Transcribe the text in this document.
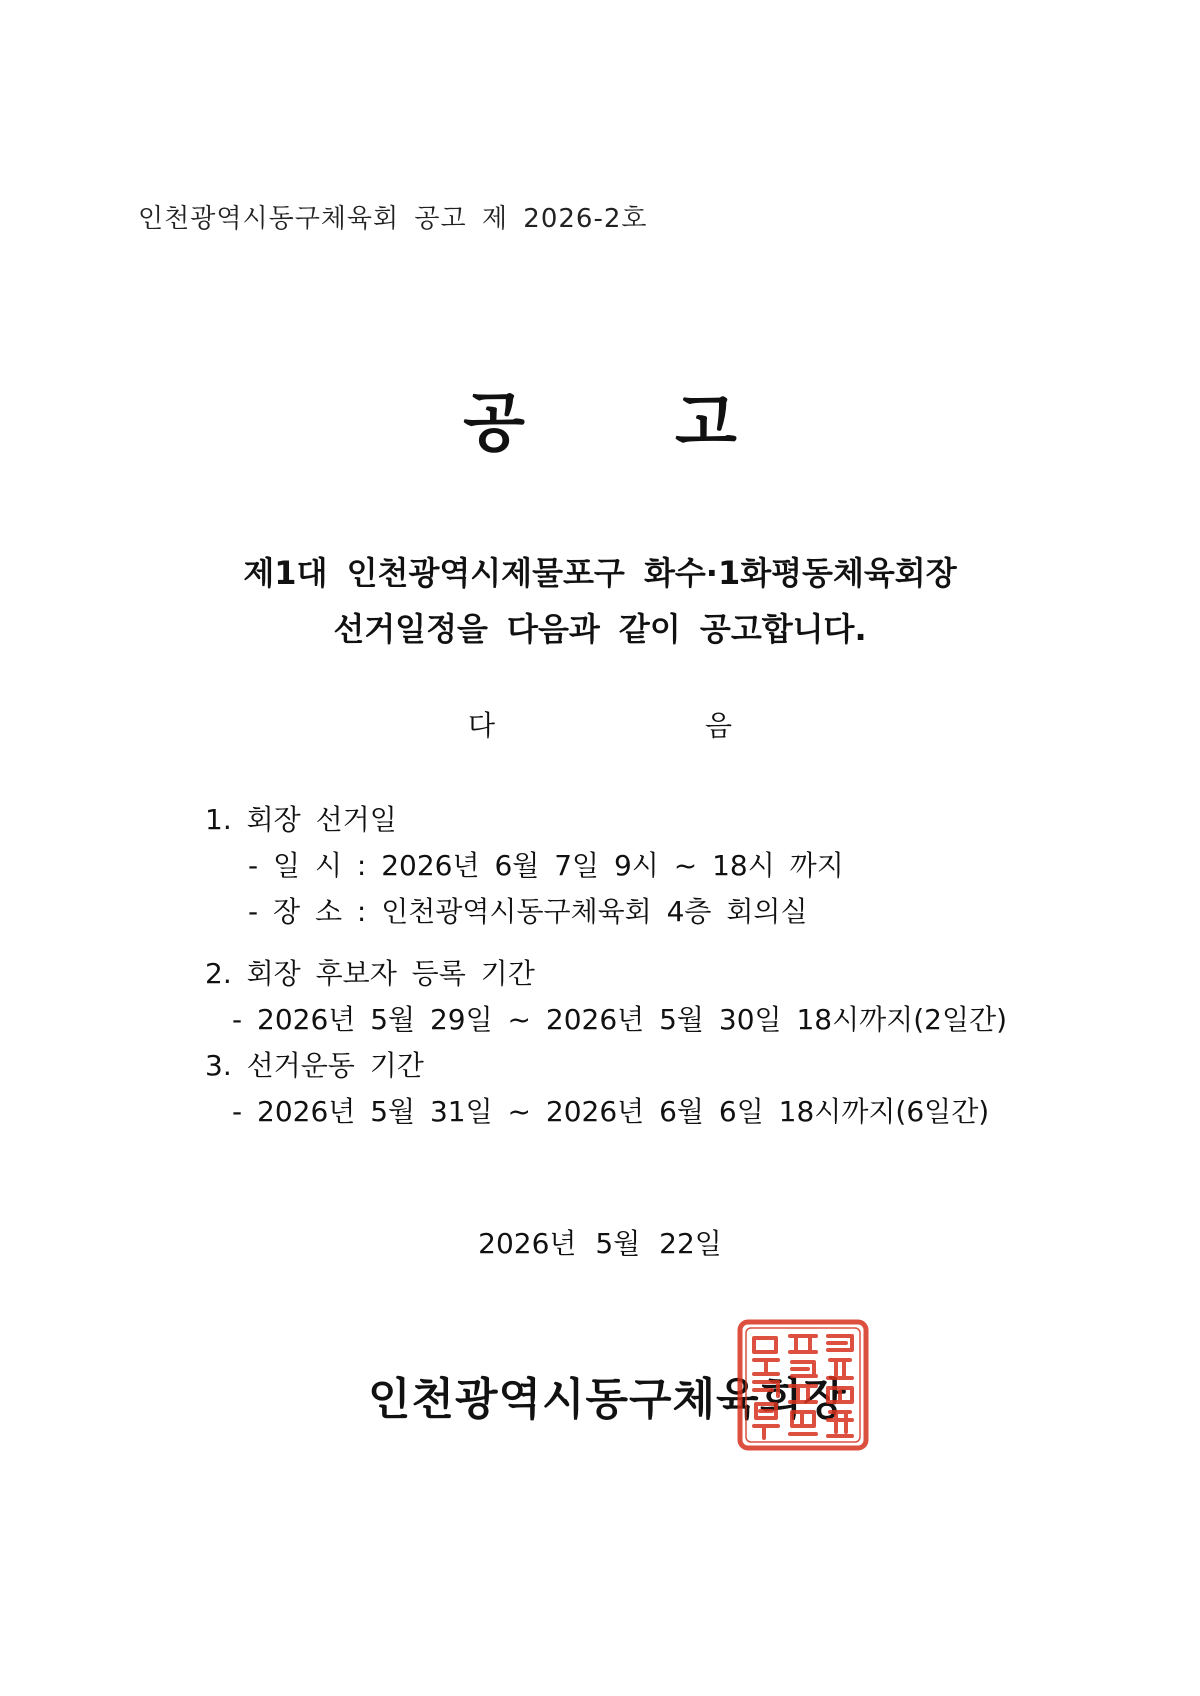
인천광역시동구체육회 공고 제 2026-2호
공 고
제1대 인천광역시제물포구 화수·1화평동체육회장
선거일정을 다음과 같이 공고합니다.
다	음
1. 회장 선거일
- 일 시 : 2026년 6월 7일 9시 ~ 18시 까지
- 장 소 : 인천광역시동구체육회 4층 회의실
2. 회장 후보자 등록 기간
- 2026년 5월 29일 ~ 2026년 5월 30일 18시까지(2일간)
3. 선거운동 기간
- 2026년 5월 31일 ~ 2026년 6월 6일 18시까지(6일간)
2026년 5월 22일
인천광역시동구체육회장
